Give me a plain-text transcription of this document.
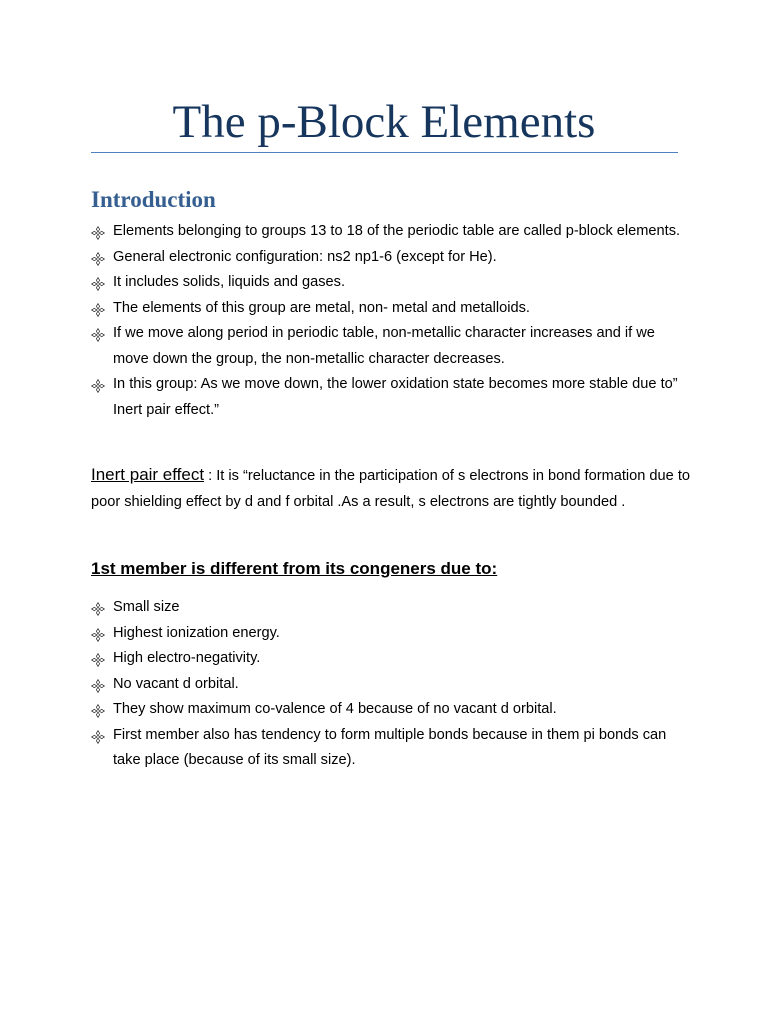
The p-Block Elements
Introduction
Elements belonging to groups 13 to 18 of the periodic table are called p-block elements.
General electronic configuration: ns2 np1-6 (except for He).
It includes solids, liquids and gases.
The elements of this group are metal, non- metal and metalloids.
If we move along period in periodic table, non-metallic character increases and if we move down the group, the non-metallic character decreases.
In this group: As we move down, the lower oxidation state becomes more stable due to” Inert pair effect.”

Inert pair effect : It is “reluctance in the participation of s electrons in bond formation due to poor shielding effect by d and f orbital .As a result, s electrons are tightly bounded .

1st member is different from its congeners due to:
Small size
Highest ionization energy.
High electro-negativity.
No vacant d orbital.
They show maximum co-valence of 4 because of no vacant d orbital.
First member also has tendency to form multiple bonds because in them pi bonds can take place (because of its small size).
